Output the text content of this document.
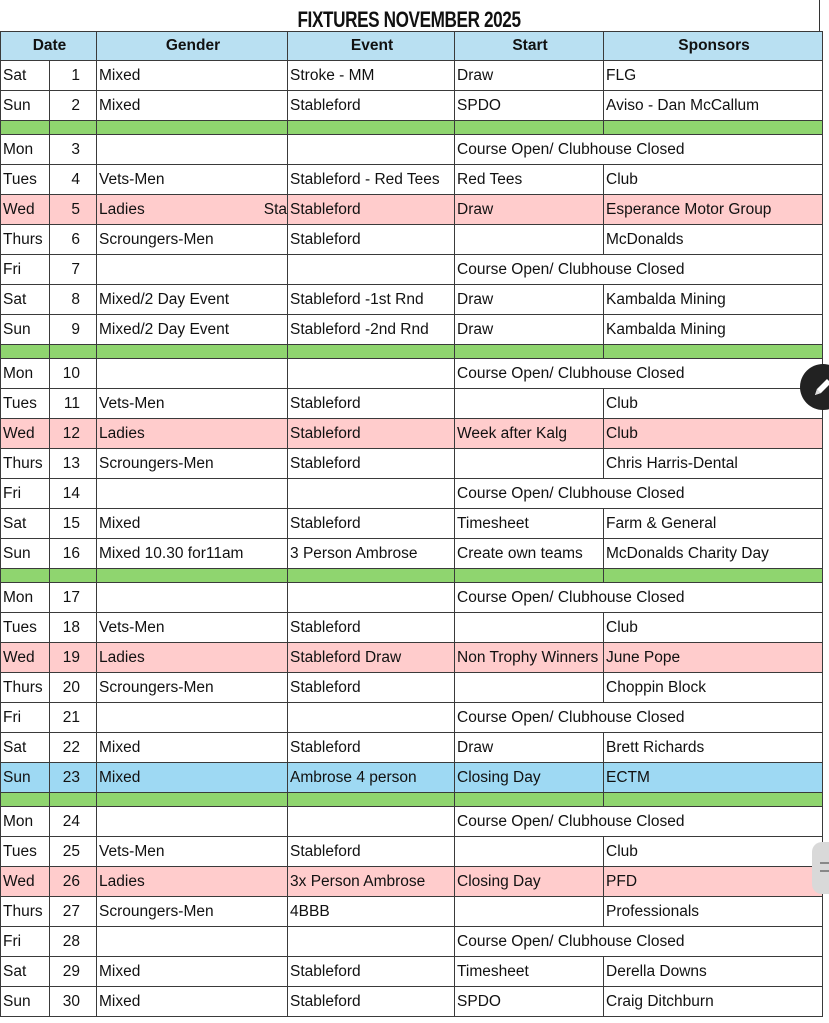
FIXTURES NOVEMBER 2025
Date		Gender	Event	Start	Sponsors
Sat	1	Mixed	Stroke - MM	Draw	FLG
Sun	2	Mixed	Stableford	SPDO	Aviso - Dan McCallum

Mon	3			Course Open/ Clubhouse Closed	
Tues	4	Vets-Men	Stableford - Red Tees	Red Tees	Club
Wed	5	Ladies Sta	Stableford	Draw	Esperance Motor Group
Thurs	6	Scroungers-Men	Stableford		McDonalds
Fri	7			Course Open/ Clubhouse Closed	
Sat	8	Mixed/2 Day Event	Stableford -1st Rnd	Draw	Kambalda Mining
Sun	9	Mixed/2 Day Event	Stableford -2nd Rnd	Draw	Kambalda Mining

Mon	10			Course Open/ Clubhouse Closed	
Tues	11	Vets-Men	Stableford		Club
Wed	12	Ladies	Stableford	Week after Kalg	Club
Thurs	13	Scroungers-Men	Stableford		Chris Harris-Dental
Fri	14			Course Open/ Clubhouse Closed	
Sat	15	Mixed	Stableford	Timesheet	Farm & General
Sun	16	Mixed 10.30 for11am	3 Person Ambrose	Create own teams	McDonalds Charity Day

Mon	17			Course Open/ Clubhouse Closed	
Tues	18	Vets-Men	Stableford		Club
Wed	19	Ladies	Stableford Draw	Non Trophy Winners	June Pope
Thurs	20	Scroungers-Men	Stableford		Choppin Block
Fri	21			Course Open/ Clubhouse Closed	
Sat	22	Mixed	Stableford	Draw	Brett Richards
Sun	23	Mixed	Ambrose 4 person	Closing Day	ECTM

Mon	24			Course Open/ Clubhouse Closed	
Tues	25	Vets-Men	Stableford		Club
Wed	26	Ladies	3x Person Ambrose	Closing Day	PFD
Thurs	27	Scroungers-Men	4BBB		Professionals
Fri	28			Course Open/ Clubhouse Closed	
Sat	29	Mixed	Stableford	Timesheet	Derella Downs
Sun	30	Mixed	Stableford	SPDO	Craig Ditchburn
